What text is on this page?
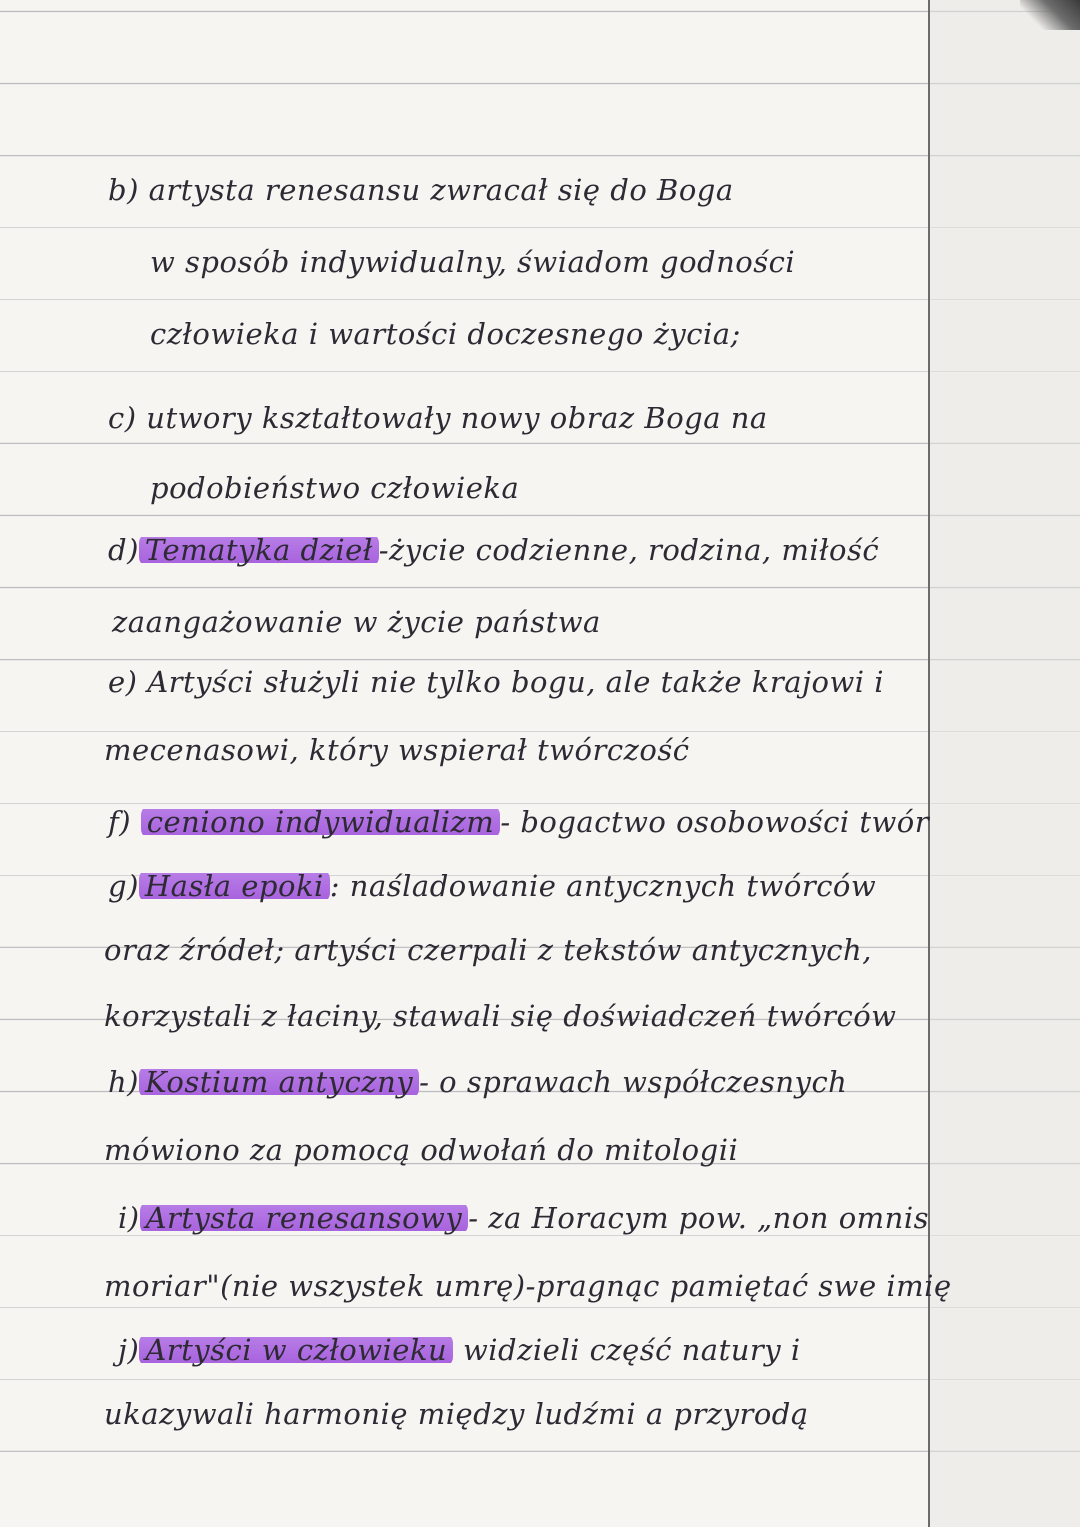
b) artysta renesansu zwracał się do Boga
w sposób indywidualny, świadom godności
człowieka i wartości doczesnego życia;
c) utwory kształtowały nowy obraz Boga na
podobieństwo człowieka
d) Tematyka dzieł -życie codzienne, rodzina, miłość
zaangażowanie w życie państwa
e) Artyści służyli nie tylko bogu, ale także krajowi i
mecenasowi, który wspierał twórczość
f) ceniono indywidualizm - bogactwo osobowości twór
g) Hasła epoki : naśladowanie antycznych twórców
oraz źródeł; artyści czerpali z tekstów antycznych,
korzystali z łaciny, stawali się doświadczeń twórców
h) Kostium antyczny - o sprawach współczesnych
mówiono za pomocą odwołań do mitologii
i) Artysta renesansowy - za Horacym pow. „non omnis
moriar"(nie wszystek umrę)-pragnąc pamiętać swe imię
j) Artyści w człowieku widzieli część natury i
ukazywali harmonię między ludźmi a przyrodą
